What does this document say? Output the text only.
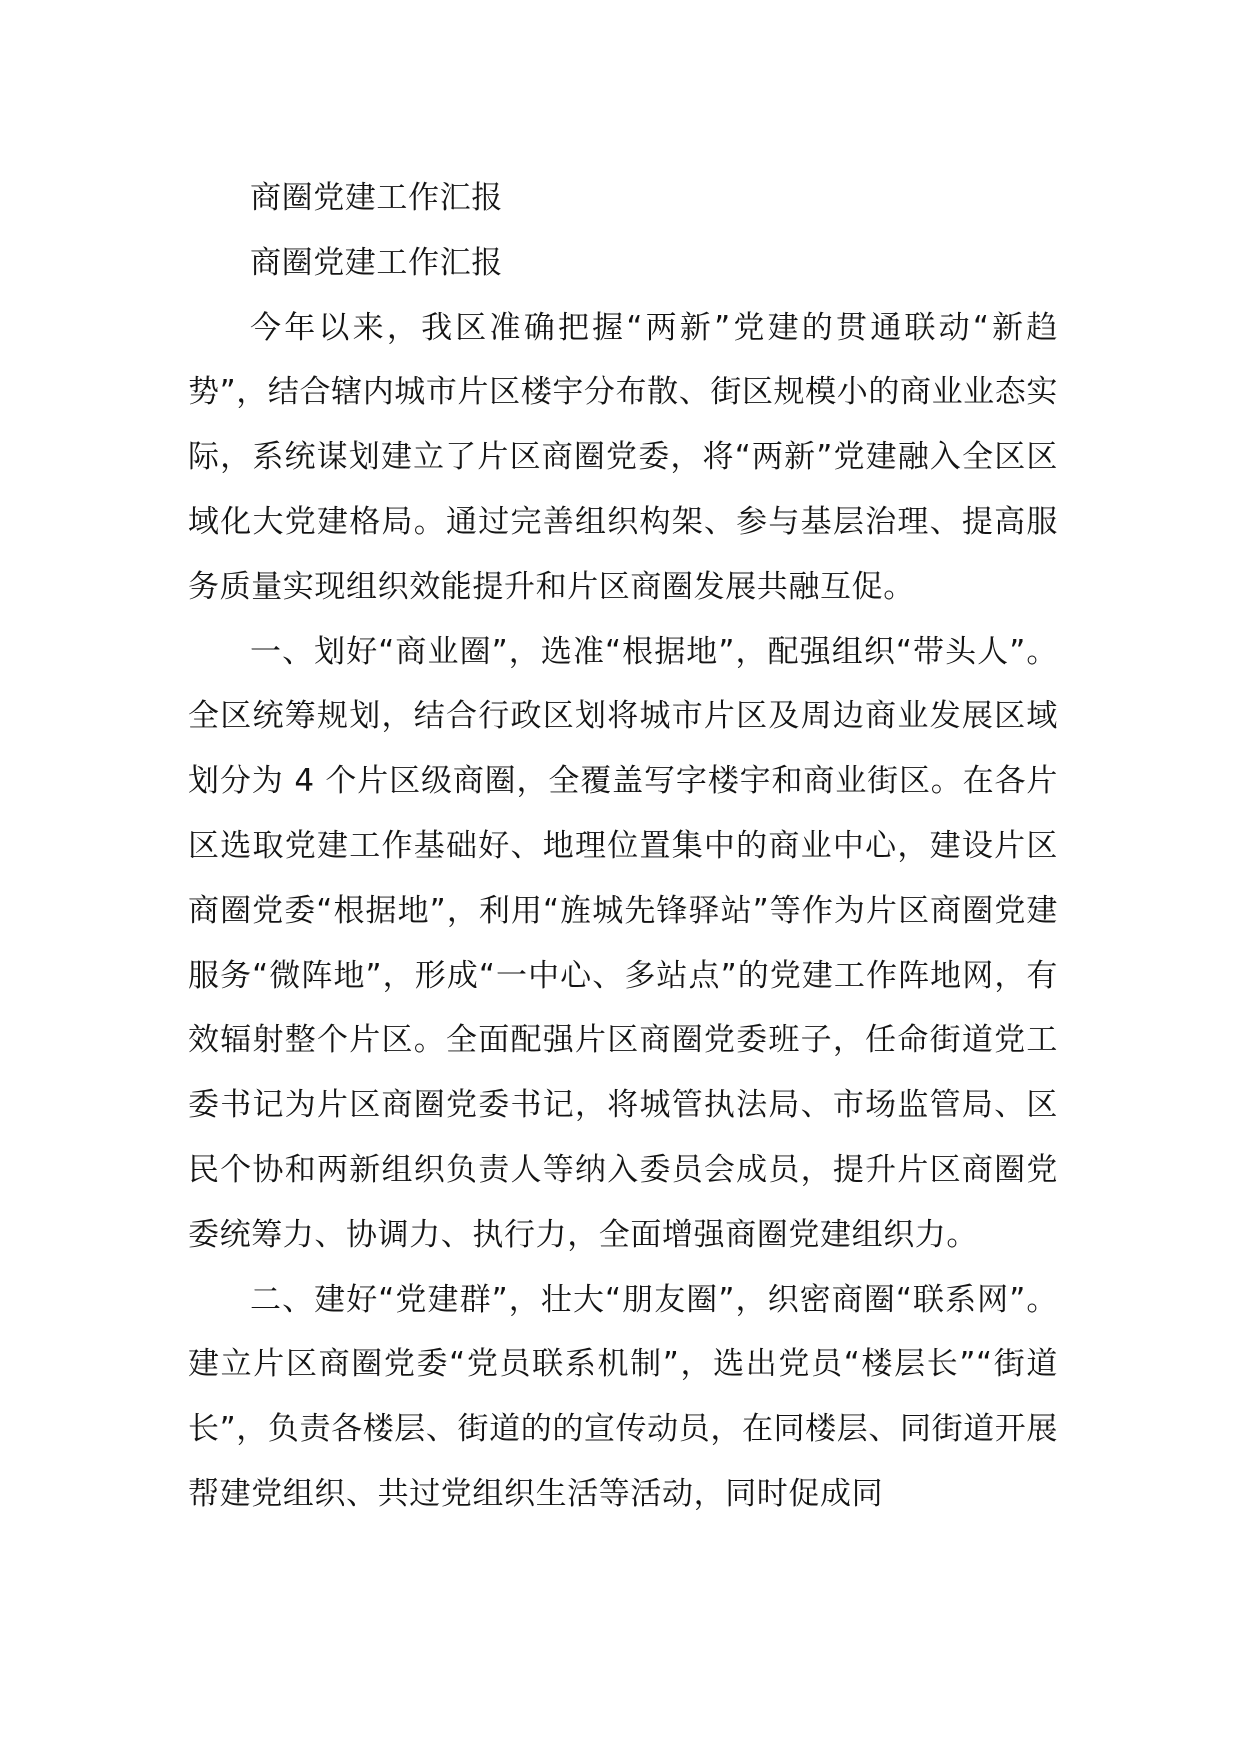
商圈党建工作汇报

商圈党建工作汇报

今年以来，我区准确把握“两新”党建的贯通联动“新趋势”，结合辖内城市片区楼宇分布散、街区规模小的商业业态实际，系统谋划建立了片区商圈党委，将“两新”党建融入全区区域化大党建格局。通过完善组织构架、参与基层治理、提高服务质量实现组织效能提升和片区商圈发展共融互促。

一、划好“商业圈”，选准“根据地”，配强组织“带头人”。全区统筹规划，结合行政区划将城市片区及周边商业发展区域划分为 4 个片区级商圈，全覆盖写字楼宇和商业街区。在各片区选取党建工作基础好、地理位置集中的商业中心，建设片区商圈党委“根据地”，利用“旌城先锋驿站”等作为片区商圈党建服务“微阵地”，形成“一中心、多站点”的党建工作阵地网，有效辐射整个片区。全面配强片区商圈党委班子，任命街道党工委书记为片区商圈党委书记，将城管执法局、市场监管局、区民个协和两新组织负责人等纳入委员会成员，提升片区商圈党委统筹力、协调力、执行力，全面增强商圈党建组织力。

二、建好“党建群”，壮大“朋友圈”，织密商圈“联系网”。建立片区商圈党委“党员联系机制”，选出党员“楼层长”“街道长”，负责各楼层、街道的的宣传动员，在同楼层、同街道开展帮建党组织、共过党组织生活等活动，同时促成同
